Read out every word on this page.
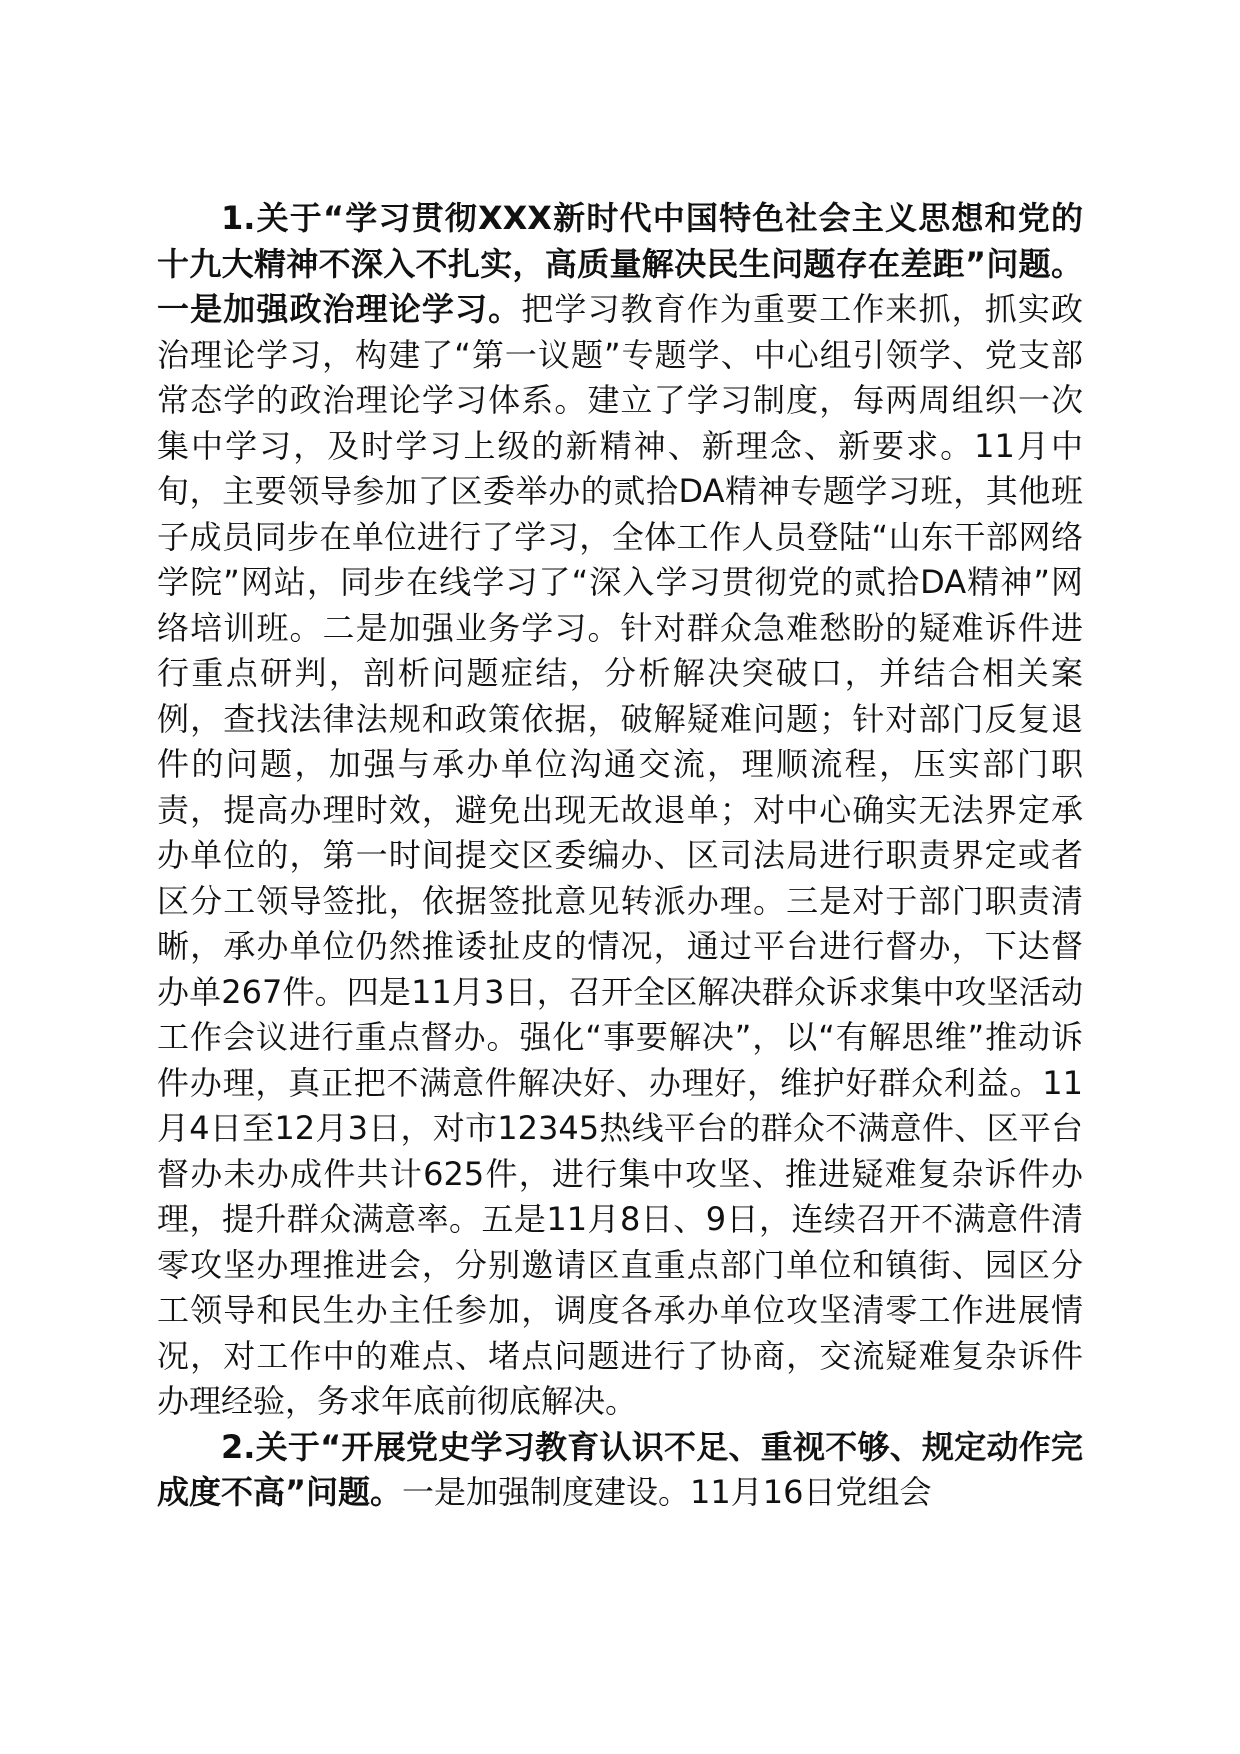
1.关于“学习贯彻XXX新时代中国特色社会主义思想和党的十九大精神不深入不扎实，高质量解决民生问题存在差距”问题。一是加强政治理论学习。把学习教育作为重要工作来抓，抓实政治理论学习，构建了“第一议题”专题学、中心组引领学、党支部常态学的政治理论学习体系。建立了学习制度，每两周组织一次集中学习，及时学习上级的新精神、新理念、新要求。11月中旬，主要领导参加了区委举办的贰拾DA精神专题学习班，其他班子成员同步在单位进行了学习，全体工作人员登陆“山东干部网络学院”网站，同步在线学习了“深入学习贯彻党的贰拾DA精神”网络培训班。二是加强业务学习。针对群众急难愁盼的疑难诉件进行重点研判，剖析问题症结，分析解决突破口，并结合相关案例，查找法律法规和政策依据，破解疑难问题；针对部门反复退件的问题，加强与承办单位沟通交流，理顺流程，压实部门职责，提高办理时效，避免出现无故退单；对中心确实无法界定承办单位的，第一时间提交区委编办、区司法局进行职责界定或者区分工领导签批，依据签批意见转派办理。三是对于部门职责清晰，承办单位仍然推诿扯皮的情况，通过平台进行督办，下达督办单267件。四是11月3日，召开全区解决群众诉求集中攻坚活动工作会议进行重点督办。强化“事要解决”，以“有解思维”推动诉件办理，真正把不满意件解决好、办理好，维护好群众利益。11月4日至12月3日，对市12345热线平台的群众不满意件、区平台督办未办成件共计625件，进行集中攻坚、推进疑难复杂诉件办理，提升群众满意率。五是11月8日、9日，连续召开不满意件清零攻坚办理推进会，分别邀请区直重点部门单位和镇街、园区分工领导和民生办主任参加，调度各承办单位攻坚清零工作进展情况，对工作中的难点、堵点问题进行了协商，交流疑难复杂诉件办理经验，务求年底前彻底解决。

2.关于“开展党史学习教育认识不足、重视不够、规定动作完成度不高”问题。一是加强制度建设。11月16日党组会
